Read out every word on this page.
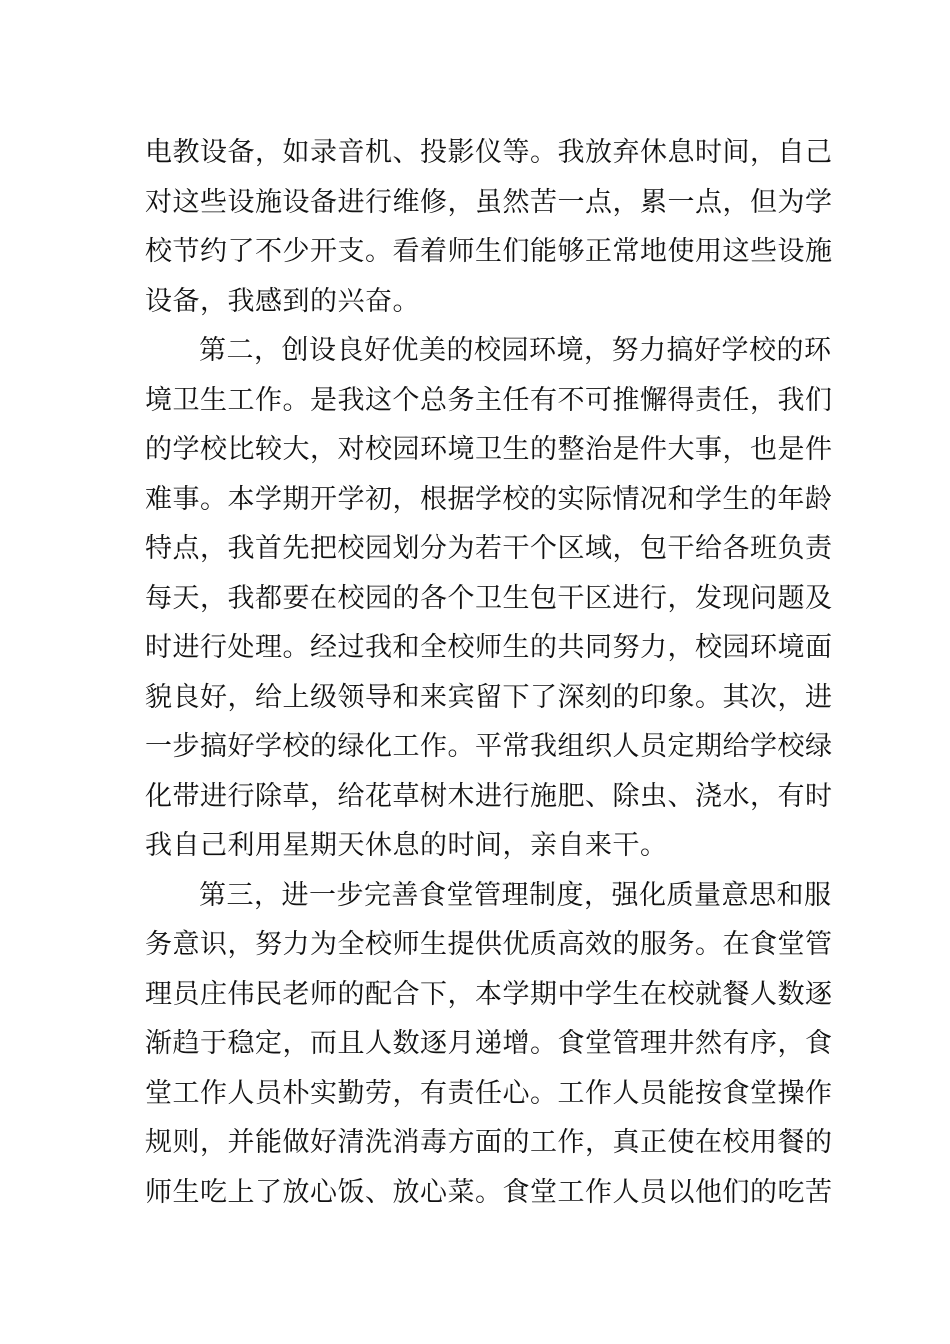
电教设备，如录音机、投影仪等。我放弃休息时间，自己
对这些设施设备进行维修，虽然苦一点，累一点，但为学
校节约了不少开支。看着师生们能够正常地使用这些设施
设备，我感到的兴奋。
第二，创设良好优美的校园环境，努力搞好学校的环
境卫生工作。是我这个总务主任有不可推懈得责任，我们
的学校比较大，对校园环境卫生的整治是件大事，也是件
难事。本学期开学初，根据学校的实际情况和学生的年龄
特点，我首先把校园划分为若干个区域，包干给各班负责
每天，我都要在校园的各个卫生包干区进行，发现问题及
时进行处理。经过我和全校师生的共同努力，校园环境面
貌良好，给上级领导和来宾留下了深刻的印象。其次，进
一步搞好学校的绿化工作。平常我组织人员定期给学校绿
化带进行除草，给花草树木进行施肥、除虫、浇水，有时
我自己利用星期天休息的时间，亲自来干。
第三，进一步完善食堂管理制度，强化质量意思和服
务意识，努力为全校师生提供优质高效的服务。在食堂管
理员庄伟民老师的配合下，本学期中学生在校就餐人数逐
渐趋于稳定，而且人数逐月递增。食堂管理井然有序，食
堂工作人员朴实勤劳，有责任心。工作人员能按食堂操作
规则，并能做好清洗消毒方面的工作，真正使在校用餐的
师生吃上了放心饭、放心菜。食堂工作人员以他们的吃苦
